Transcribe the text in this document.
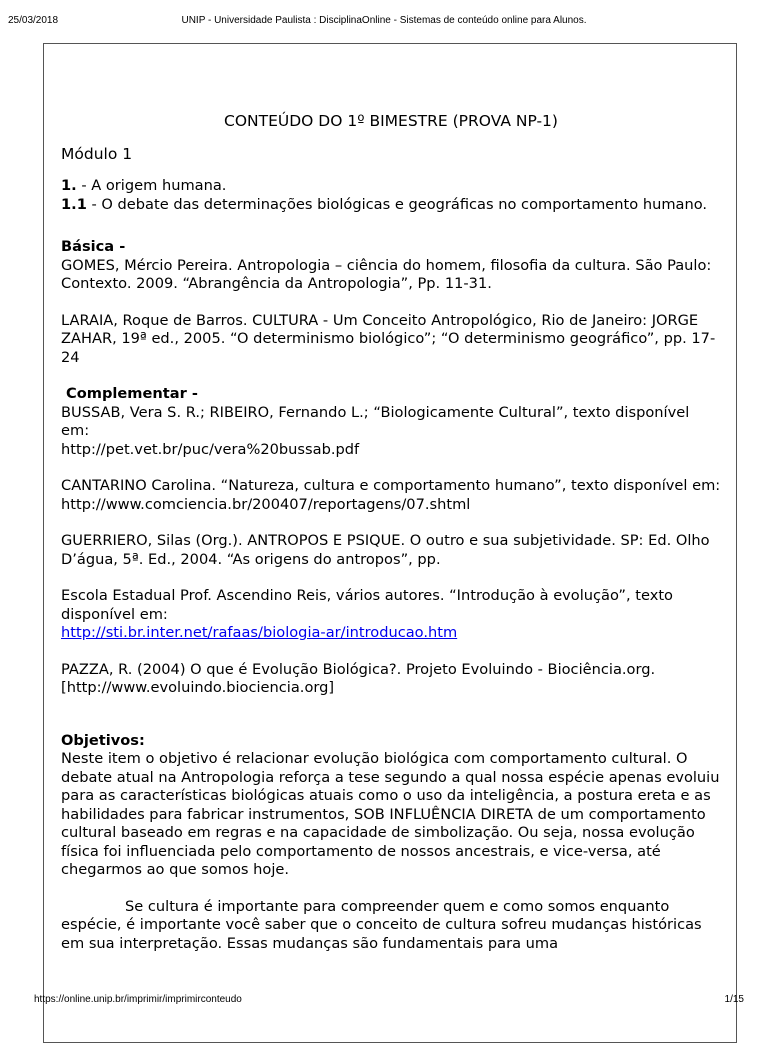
25/03/2018	UNIP - Universidade Paulista : DisciplinaOnline - Sistemas de conteúdo online para Alunos.

CONTEÚDO DO 1º BIMESTRE (PROVA NP-1)

Módulo 1

1. - A origem humana.

1.1 - O debate das determinações biológicas e geográficas no comportamento humano.

Básica -

GOMES, Mércio Pereira. Antropologia – ciência do homem, filosofia da cultura. São Paulo: Contexto. 2009. “Abrangência da Antropologia”, Pp. 11-31.

LARAIA, Roque de Barros. CULTURA - Um Conceito Antropológico, Rio de Janeiro: JORGE ZAHAR, 19ª ed., 2005. “O determinismo biológico”; “O determinismo geográfico”, pp. 17-24

Complementar -

BUSSAB, Vera S. R.; RIBEIRO, Fernando L.; “Biologicamente Cultural”, texto disponível em:

http://pet.vet.br/puc/vera%20bussab.pdf

CANTARINO Carolina. “Natureza, cultura e comportamento humano”, texto disponível em:

http://www.comciencia.br/200407/reportagens/07.shtml

GUERRIERO, Silas (Org.). ANTROPOS E PSIQUE. O outro e sua subjetividade. SP: Ed. Olho D’água, 5ª. Ed., 2004. “As origens do antropos”, pp.

Escola Estadual Prof. Ascendino Reis, vários autores. “Introdução à evolução”, texto disponível em:

http://sti.br.inter.net/rafaas/biologia-ar/introducao.htm

PAZZA, R. (2004) O que é Evolução Biológica?. Projeto Evoluindo - Biociência.org. [http://www.evoluindo.biociencia.org]

Objetivos:

Neste item o objetivo é relacionar evolução biológica com comportamento cultural. O debate atual na Antropologia reforça a tese segundo a qual nossa espécie apenas evoluiu para as características biológicas atuais como o uso da inteligência, a postura ereta e as habilidades para fabricar instrumentos, SOB INFLUÊNCIA DIRETA de um comportamento cultural baseado em regras e na capacidade de simbolização. Ou seja, nossa evolução física foi influenciada pelo comportamento de nossos ancestrais, e vice-versa, até chegarmos ao que somos hoje.

Se cultura é importante para compreender quem e como somos enquanto espécie, é importante você saber que o conceito de cultura sofreu mudanças históricas em sua interpretação. Essas mudanças são fundamentais para uma

https://online.unip.br/imprimir/imprimirconteudo	1/15
